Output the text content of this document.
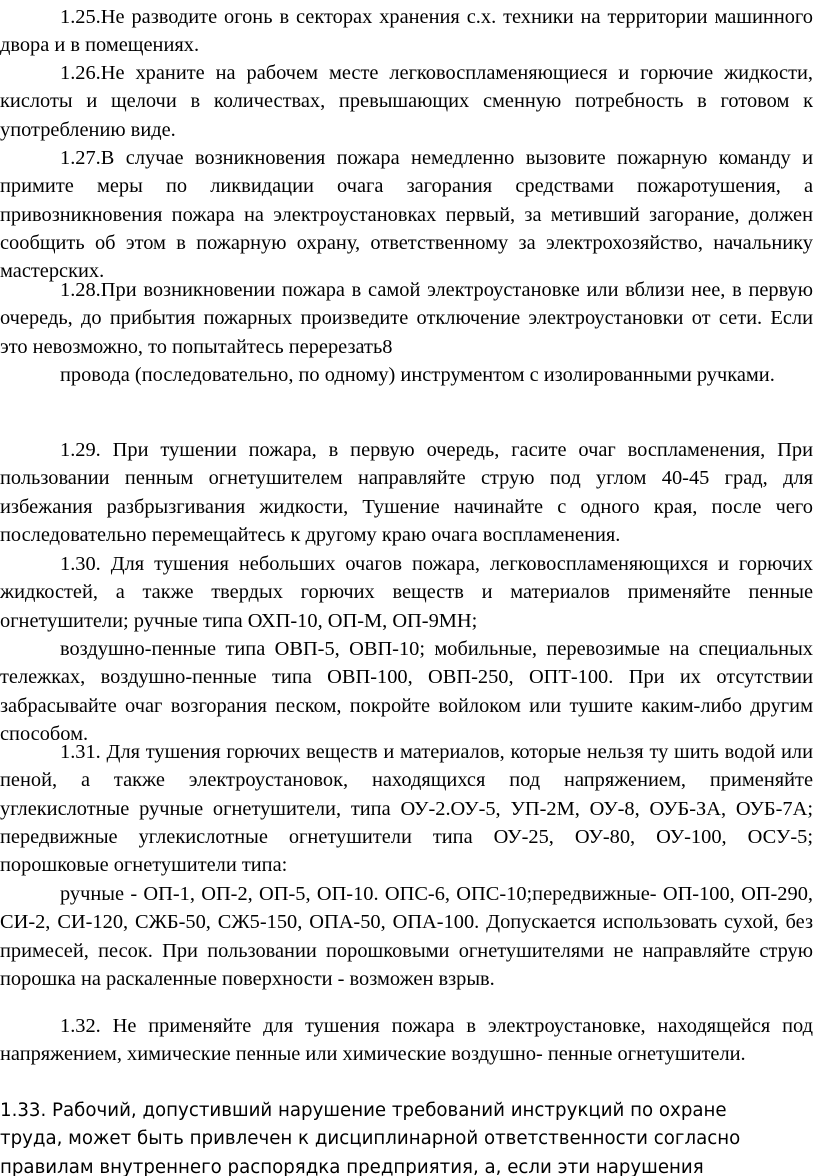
1.25.Не разводите огонь в секторах хранения с.х. техники на территории машинного двора и в помещениях.

1.26.Не храните на рабочем месте легковоспламеняющиеся и горючие жидкости, кислоты и щелочи в количествах, превышающих сменную потребность в готовом к употреблению виде.

1.27.В случае возникновения пожара немедленно вызовите пожарную команду и примите меры по ликвидации очага загорания средствами пожаротушения, а привозникновения пожара на электроустановках первый, за метивший загорание, должен сообщить об этом в пожарную охрану, ответственному за электрохозяйство, начальнику мастерских.

1.28.При возникновении пожара в самой электроустановке или вблизи нее, в первую очередь, до прибытия пожарных произведите отключение электроустановки от сети. Если это невозможно, то попытайтесь перерезать8

провода (последовательно, по одному) инструментом с изолированными ручками.

1.29. При тушении пожара, в первую очередь, гасите очаг воспламенения, При пользовании пенным огнетушителем направляйте струю под углом 40-45 град, для избежания разбрызгивания жидкости, Тушение начинайте с одного края, после чего последовательно перемещайтесь к другому краю очага воспламенения.

1.30. Для тушения небольших очагов пожара, легковоспламеняющихся и горючих жидкостей, а также твердых горючих веществ и материалов применяйте пенные огнетушители; ручные типа ОХП-10, ОП-М, ОП-9МН;

воздушно-пенные типа ОВП-5, ОВП-10; мобильные, перевозимые на специальных тележках, воздушно-пенные типа ОВП-100, ОВП-250, ОПТ-100. При их отсутствии забрасывайте очаг возгорания песком, покройте войлоком или тушите каким-либо другим способом.

1.31. Для тушения горючих веществ и материалов, которые нельзя ту шить водой или пеной, а также электроустановок, находящихся под напряжением, применяйте углекислотные ручные огнетушители, типа ОУ-2.ОУ-5, УП-2М, ОУ-8, ОУБ-ЗА, ОУБ-7А; передвижные углекислотные огнетушители типа ОУ-25, ОУ-80, ОУ-100, ОСУ-5; порошковые огнетушители типа:

ручные - ОП-1, ОП-2, ОП-5, ОП-10. ОПС-6, ОПС-10;передвижные- ОП-100, ОП-290, СИ-2, СИ-120, СЖБ-50, СЖ5-150, ОПА-50, ОПА-100. Допускается использовать сухой, без примесей, песок. При пользовании порошковыми огнетушителями не направляйте струю порошка на раскаленные поверхности - возможен взрыв.

1.32. Не применяйте для тушения пожара в электроустановке, находящейся под напряжением, химические пенные или химические воздушно- пенные огнетушители.

1.33. Рабочий, допустивший нарушение требований инструкций по охране труда, может быть привлечен к дисциплинарной ответственности согласно правилам внутреннего распорядка предприятия, а, если эти нарушения
